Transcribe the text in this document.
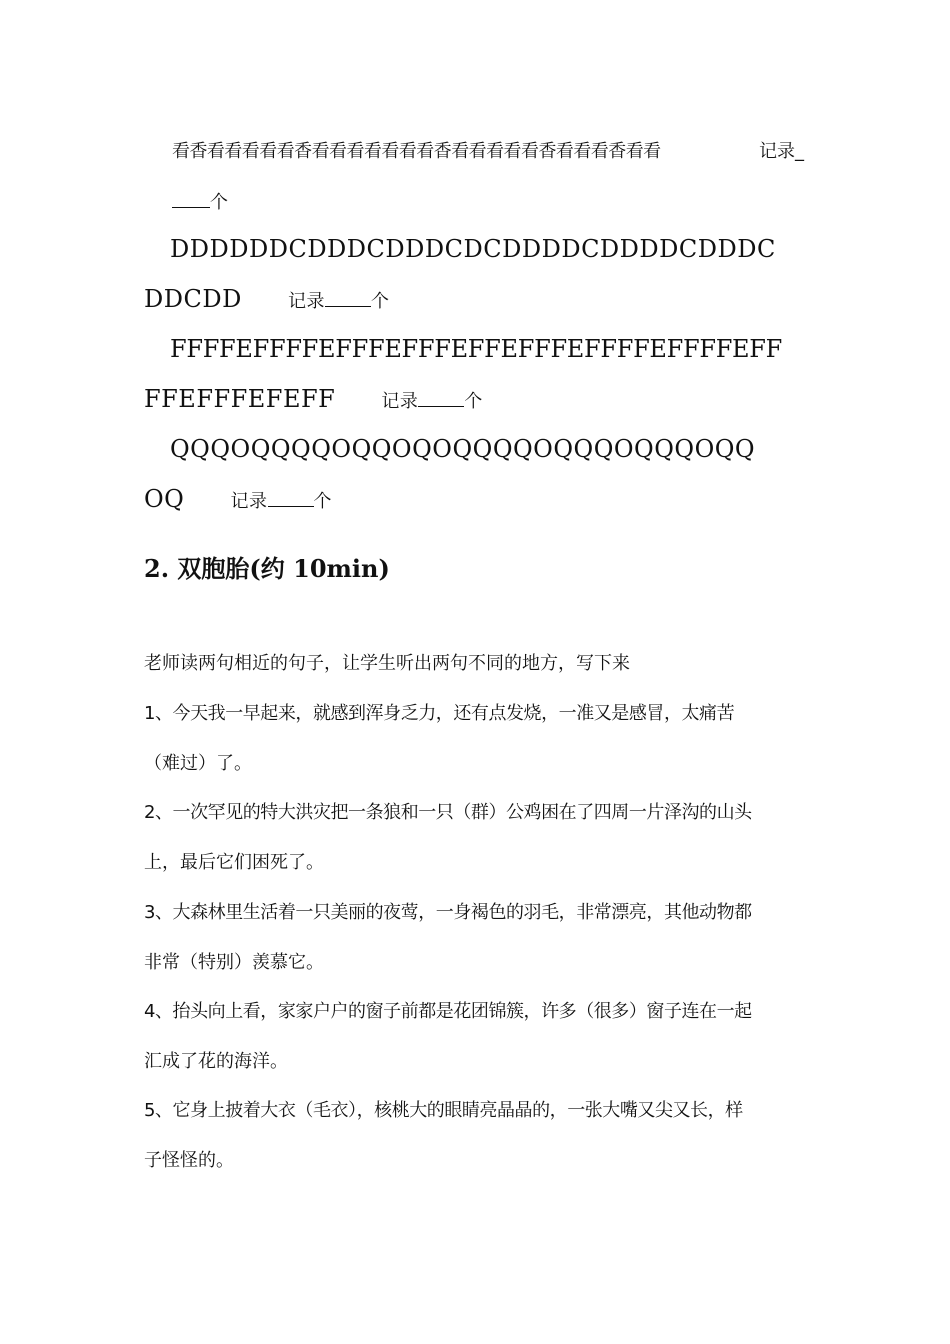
看香看看看看看香看看看看看看看香看看看看看香看看看香看看	记录_
个
DDDDDDCDDDCDDDCDCDDDDCDDDDCDDDC
DDCDD	记录	个
FFFFEFFFFEFFFEFFFEFFEFFFEFFFFEFFFFEFF
FFEFFFEFEFF	记录	个
QQQOQQQQOQQOQOQQQQOQQQOQQQOQQ
OQ	记录	个
2. 双胞胎(约 10min)
老师读两句相近的句子，让学生听出两句不同的地方，写下来
1、今天我一早起来，就感到浑身乏力，还有点发烧，一准又是感冒，太痛苦
（难过）了。
2、一次罕见的特大洪灾把一条狼和一只（群）公鸡困在了四周一片泽沟的山头
上，最后它们困死了。
3、大森林里生活着一只美丽的夜莺，一身褐色的羽毛，非常漂亮，其他动物都
非常（特别）羡慕它。
4、抬头向上看，家家户户的窗子前都是花团锦簇，许多（很多）窗子连在一起
汇成了花的海洋。
5、它身上披着大衣（毛衣），核桃大的眼睛亮晶晶的，一张大嘴又尖又长，样
子怪怪的。
